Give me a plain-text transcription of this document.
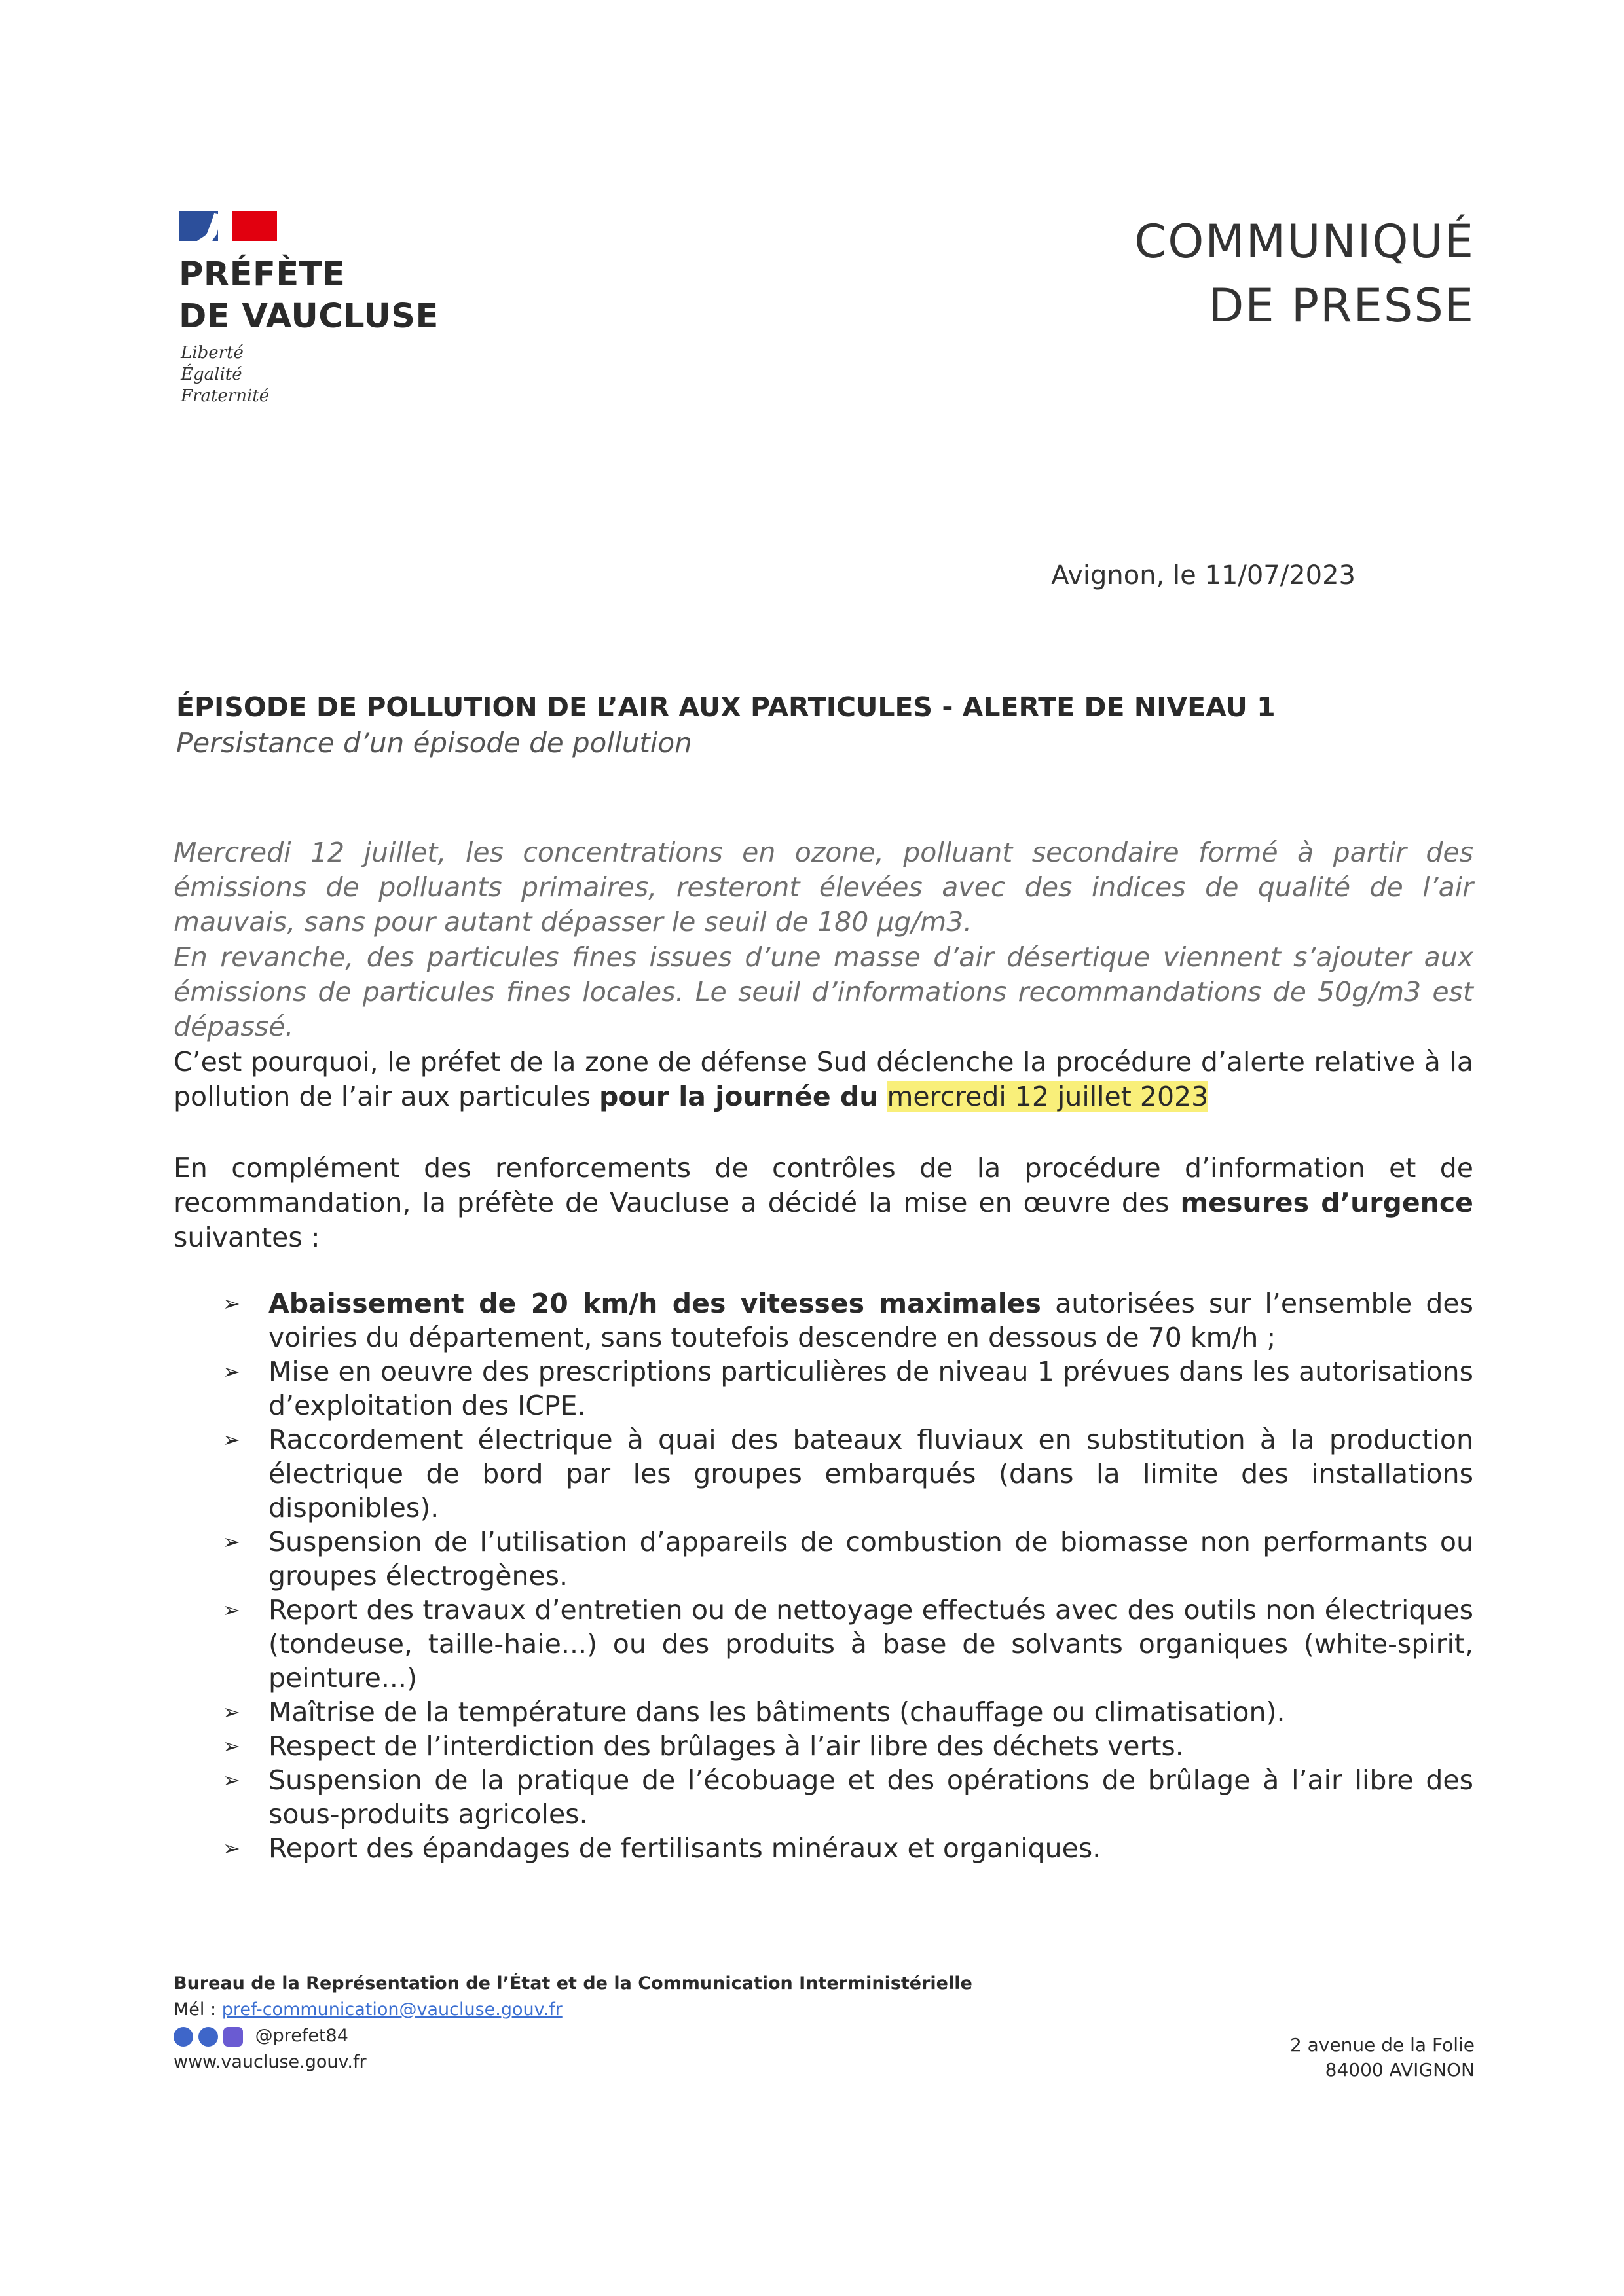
PRÉFÈTE
DE VAUCLUSE
Liberté
Égalité
Fraternité
COMMUNIQUÉ
DE PRESSE
Avignon, le 11/07/2023
ÉPISODE DE POLLUTION DE L’AIR AUX PARTICULES - ALERTE DE NIVEAU 1
Persistance d’un épisode de pollution
Mercredi 12 juillet, les concentrations en ozone, polluant secondaire formé à partir des émissions de polluants primaires, resteront élevées avec des indices de qualité de l’air mauvais, sans pour autant dépasser le seuil de 180 µg/m3.
En revanche, des particules fines issues d’une masse d’air désertique viennent s’ajouter aux émissions de particules fines locales. Le seuil d’informations recommandations de 50g/m3 est dépassé.
C’est pourquoi, le préfet de la zone de défense Sud déclenche la procédure d’alerte relative à la pollution de l’air aux particules pour la journée du mercredi 12 juillet 2023
En complément des renforcements de contrôles de la procédure d’information et de recommandation, la préfète de Vaucluse a décidé la mise en œuvre des mesures d’urgence suivantes :
➢ Abaissement de 20 km/h des vitesses maximales autorisées sur l’ensemble des voiries du département, sans toutefois descendre en dessous de 70 km/h ;
➢ Mise en oeuvre des prescriptions particulières de niveau 1 prévues dans les autorisations d’exploitation des ICPE.
➢ Raccordement électrique à quai des bateaux fluviaux en substitution à la production électrique de bord par les groupes embarqués (dans la limite des installations disponibles).
➢ Suspension de l’utilisation d’appareils de combustion de biomasse non performants ou groupes électrogènes.
➢ Report des travaux d’entretien ou de nettoyage effectués avec des outils non électriques (tondeuse, taille-haie...) ou des produits à base de solvants organiques (white-spirit, peinture...)
➢ Maîtrise de la température dans les bâtiments (chauffage ou climatisation).
➢ Respect de l’interdiction des brûlages à l’air libre des déchets verts.
➢ Suspension de la pratique de l’écobuage et des opérations de brûlage à l’air libre des sous-produits agricoles.
➢ Report des épandages de fertilisants minéraux et organiques.
Bureau de la Représentation de l’État et de la Communication Interministérielle
Mél : pref-communication@vaucluse.gouv.fr
@prefet84
www.vaucluse.gouv.fr
2 avenue de la Folie
84000 AVIGNON
